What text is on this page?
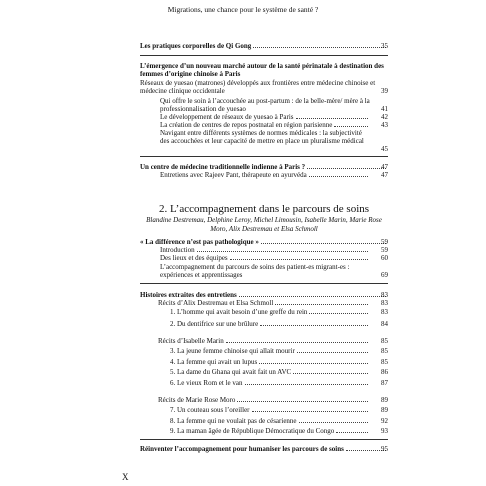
Migrations, une chance pour le système de santé ?
Les pratiques corporelles de Qi Gong	35
L’émergence d’un nouveau marché autour de la santé périnatale à destination des femmes d’origine chinoise à Paris
Réseaux de yuesao (matrones) développés aux frontières entre médecine chinoise et médecine clinique occidentale	39
Qui offre le soin à l’accouchée au post-partum : de la belle-mère/ mère à la professionnalisation de yuesao	41
Le développement de réseaux de yuesao à Paris	42
La création de centres de repos postnatal en région parisienne	43
Navigant entre différents systèmes de normes médicales : la subjectivité des accouchées et leur capacité de mettre en place un pluralisme médical
45
Un centre de médecine traditionnelle indienne à Paris ?	47
Entretiens avec Rajeev Pant, thérapeute en ayurvéda	47
2. L’accompagnement dans le parcours de soins
Blandine Destremau, Delphine Leroy, Michel Limousin, Isabelle Marin, Marie Rose Moro, Alix Destremau et Elsa Schmoll
« La différence n’est pas pathologique »	59
Introduction	59
Des lieux et des équipes	60
L’accompagnement du parcours de soins des patient-es migrant-es : expériences et apprentissages	69
Histoires extraites des entretiens	83
Récits d’Alix Destremau et Elsa Schmoll	83
1. L’homme qui avait besoin d’une greffe du rein	83
2. Du dentifrice sur une brûlure	84
Récits d’Isabelle Marin	85
3. La jeune femme chinoise qui allait mourir	85
4. La femme qui avait un lupus	85
5. La dame du Ghana qui avait fait un AVC	86
6. Le vieux Rom et le van	87
Récits de Marie Rose Moro	89
7. Un couteau sous l’oreiller	89
8. La femme qui ne voulait pas de césarienne	92
9. La maman âgée de République Démocratique du Congo	93
Réinventer l’accompagnement pour humaniser les parcours de soins	95
X
